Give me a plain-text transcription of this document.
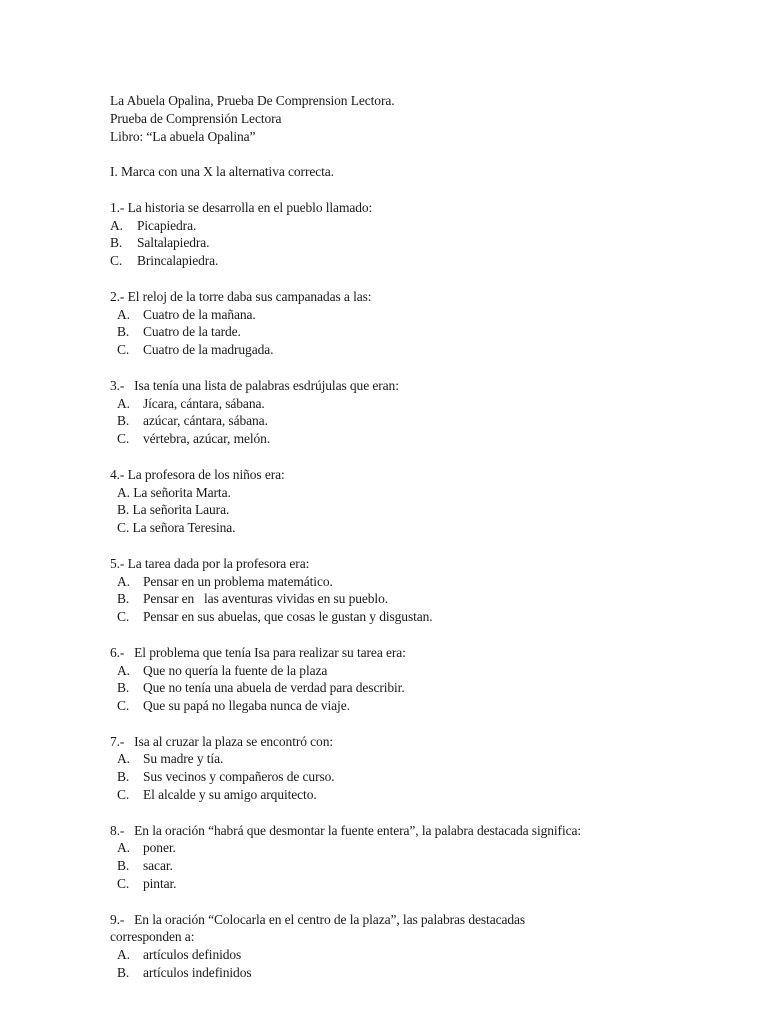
La Abuela Opalina, Prueba De Comprension Lectora.
Prueba de Comprensión Lectora
Libro: “La abuela Opalina”
I. Marca con una X la alternativa correcta.
1.- La historia se desarrolla en el pueblo llamado:
A.	Picapiedra.
B.	Saltalapiedra.
C.	Brincalapiedra.
2.- El reloj de la torre daba sus campanadas a las:
A. Cuatro de la mañana.
B.	Cuatro de la tarde.
C.	Cuatro de la madrugada.
3.-   Isa tenía una lista de palabras esdrújulas que eran:
A. Jícara, cántara, sábana.
B.	azúcar, cántara, sábana.
C.	vértebra, azúcar, melón.
4.- La profesora de los niños era:
A.
La señorita Marta.
B.
La señorita Laura.
C.
La señora Teresina.
5.- La tarea dada por la profesora era:
A. Pensar en un problema matemático.
B.	Pensar en   las aventuras vividas en su pueblo.
C.	Pensar en sus abuelas, que cosas le gustan y disgustan.
6.-   El problema que tenía Isa para realizar su tarea era:
A. Que no quería la fuente de la plaza
B.	Que no tenía una abuela de verdad para describir.
C.	Que su papá no llegaba nunca de viaje.
7.-   Isa al cruzar la plaza se encontró con:
A. Su madre y tía.
B.	Sus vecinos y compañeros de curso.
C.	El alcalde y su amigo arquitecto.
8.-   En la oración “habrá que desmontar la fuente entera”, la palabra destacada significa:
A. poner.
B.	sacar.
C.	pintar.
9.-   En la oración “Colocarla en el centro de la plaza”, las palabras destacadas
corresponden a:
A. artículos definidos
B.	artículos indefinidos
